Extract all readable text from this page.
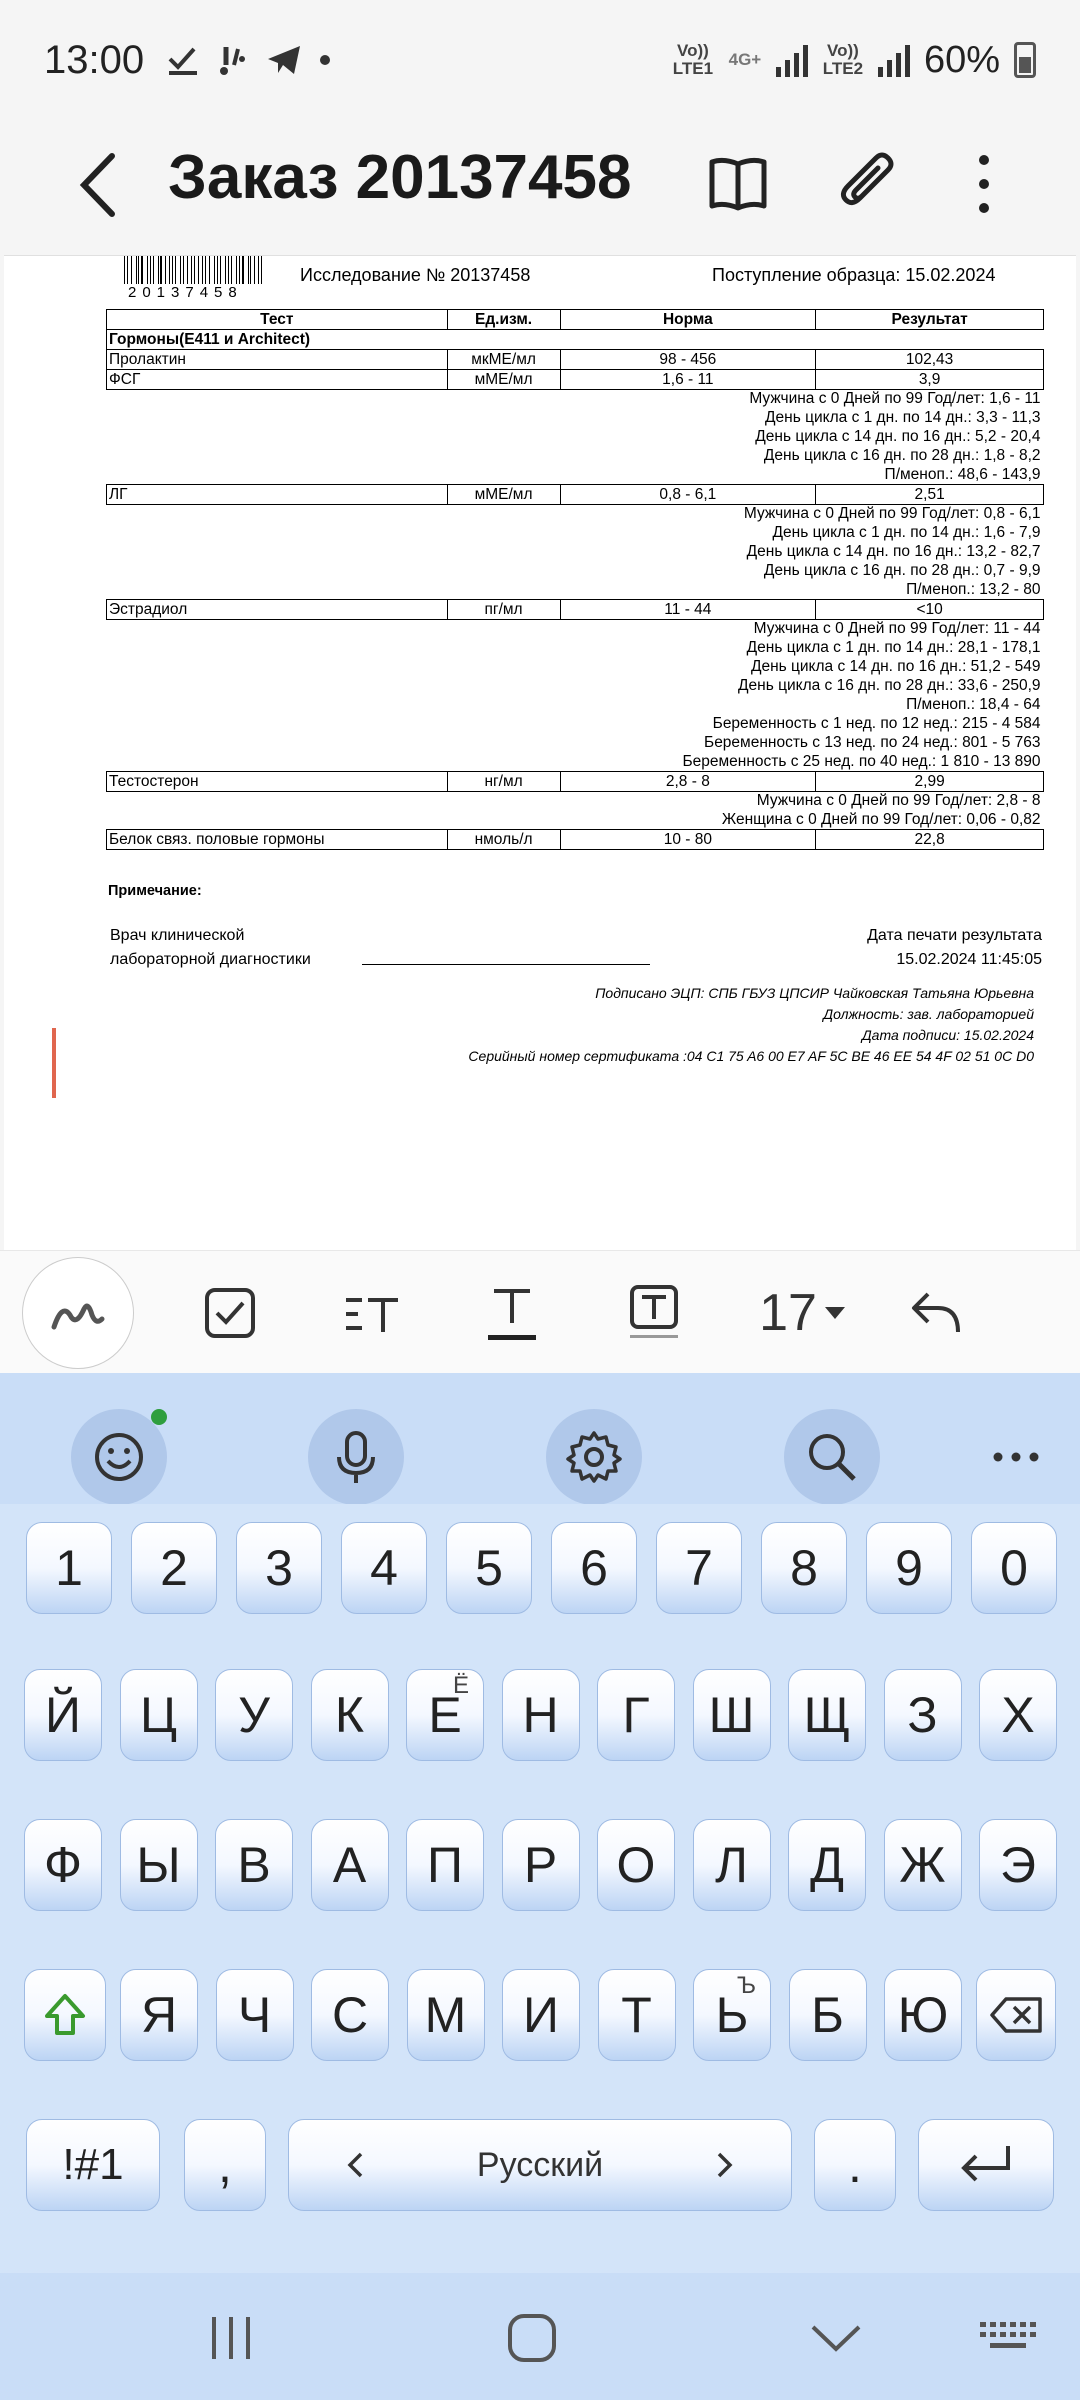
13:00	Vo)) LTE1 4G+	Vo)) LTE2 60%
Заказ 20137458
20137458
Исследование № 20137458	Поступление образца: 15.02.2024
Тест	Ед.изм.	Норма	Результат
Гормоны(E411 и Architect)			
Пролактин	мкМЕ/мл	98 - 456	102,43
ФСГ	мМЕ/мл	1,6 - 11	3,9
Мужчина с 0 Дней по 99 Год/лет: 1,6 - 11			
День цикла с 1 дн. по 14 дн.: 3,3 - 11,3			
День цикла с 14 дн. по 16 дн.: 5,2 - 20,4			
День цикла с 16 дн. по 28 дн.: 1,8 - 8,2			
П/меноп.: 48,6 - 143,9			
ЛГ	мМЕ/мл	0,8 - 6,1	2,51
Мужчина с 0 Дней по 99 Год/лет: 0,8 - 6,1			
День цикла с 1 дн. по 14 дн.: 1,6 - 7,9			
День цикла с 14 дн. по 16 дн.: 13,2 - 82,7			
День цикла с 16 дн. по 28 дн.: 0,7 - 9,9			
П/меноп.: 13,2 - 80			
Эстрадиол	пг/мл	11 - 44	<10
Мужчина с 0 Дней по 99 Год/лет: 11 - 44			
День цикла с 1 дн. по 14 дн.: 28,1 - 178,1			
День цикла с 14 дн. по 16 дн.: 51,2 - 549			
День цикла с 16 дн. по 28 дн.: 33,6 - 250,9			
П/меноп.: 18,4 - 64			
Беременность с 1 нед. по 12 нед.: 215 - 4 584			
Беременность с 13 нед. по 24 нед.: 801 - 5 763			
Беременность с 25 нед. по 40 нед.: 1 810 - 13 890			
Тестостерон	нг/мл	2,8 - 8	2,99
Мужчина с 0 Дней по 99 Год/лет: 2,8 - 8			
Женщина с 0 Дней по 99 Год/лет: 0,06 - 0,82			
Белок связ. половые гормоны	нмоль/л	10 - 80	22,8
Примечание:
Врач клинической
лабораторной диагностики
Дата печати результата
15.02.2024 11:45:05
Подписано ЭЦП: СПБ ГБУЗ ЦПСИР Чайковская Татьяна Юрьевна
Должность: зав. лабораторией
Дата подписи: 15.02.2024
Серийный номер сертификата :04 C1 75 A6 00 E7 AF 5C BE 46 EE 54 4F 02 51 0C D0
17
1 2 3 4 5 6 7 8 9 0
Й Ц У К Е
Ё
Н Г Ш Щ З Х
Ф Ы В А П Р О Л Д Ж Э
Я Ч С М И Т Ь
Ъ
Б Ю
!#1 ,	Русский	.
